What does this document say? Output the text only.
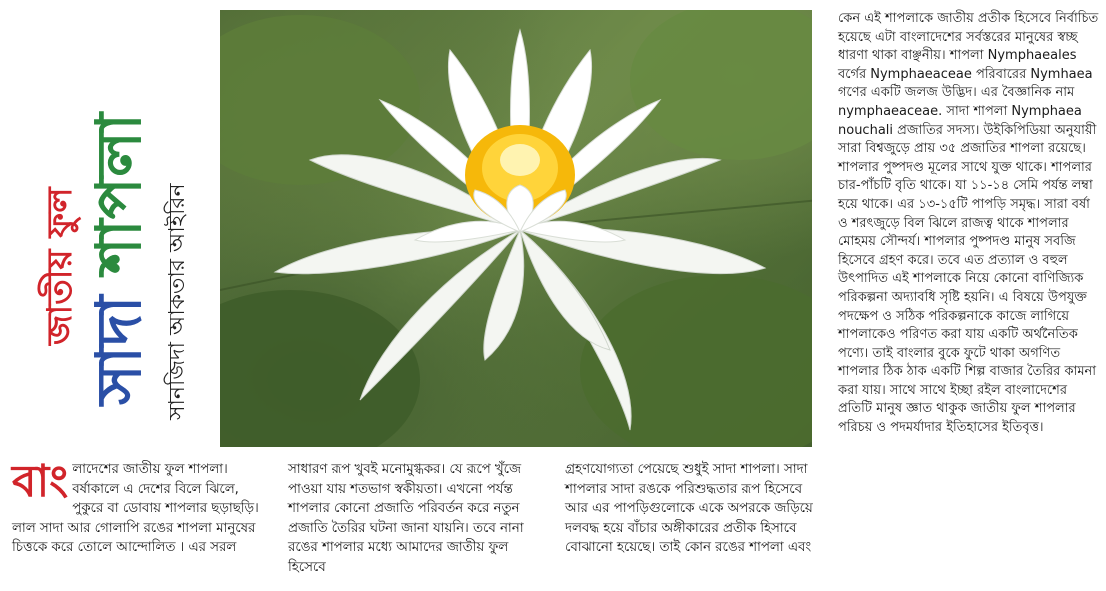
জাতীয় ফুল সাদা শাপলা সানজিদা আকতার আইরিন
বাংলাদেশের জাতীয় ফুল শাপলা। বর্ষাকালে এ দেশের বিলে ঝিলে, পুকুরে বা ডোবায় শাপলার ছড়াছড়ি। লাল সাদা আর গোলাপি রঙের শাপলা মানুষের চিত্তকে করে তোলে আন্দোলিত । এর সরল
সাধারণ রূপ খুবই মনোমুগ্ধকর। যে রূপে খুঁজে পাওয়া যায় শতভাগ স্বকীয়তা। এখনো পর্যন্ত শাপলার কোনো প্রজাতি পরিবর্তন করে নতুন প্রজাতি তৈরির ঘটনা জানা যায়নি। তবে নানা রঙের শাপলার মধ্যে আমাদের জাতীয় ফুল হিসেবে
গ্রহণযোগ্যতা পেয়েছে শুধুই সাদা শাপলা। সাদা শাপলার সাদা রঙকে পরিশুদ্ধতার রূপ হিসেবে আর এর পাপড়িগুলোকে একে অপরকে জড়িয়ে দলবদ্ধ হয়ে বাঁচার অঙ্গীকারের প্রতীক হিসাবে বোঝানো হয়েছে। তাই কোন রঙের শাপলা এবং
কেন এই শাপলাকে জাতীয় প্রতীক হিসেবে নির্বাচিত হয়েছে এটা বাংলাদেশের সর্বস্তরের মানুষের স্বচ্ছ ধারণা থাকা বাঞ্ছনীয়। শাপলা Nymphaeales বর্গের Nymphaeaceae পরিবারের Nymhaea গণের একটি জলজ উদ্ভিদ। এর বৈজ্ঞানিক নাম nymphaeaceae. সাদা শাপলা Nymphaea nouchali প্রজাতির সদস্য। উইকিপিডিয়া অনুযায়ী সারা বিশ্বজুড়ে প্রায় ৩৫ প্রজাতির শাপলা রয়েছে। শাপলার পুষ্পদণ্ড মূলের সাথে যুক্ত থাকে। শাপলার চার-পাঁচটি বৃতি থাকে। যা ১১-১৪ সেমি পর্যন্ত লম্বা হয়ে থাকে। এর ১৩-১৫টি পাপড়ি সমৃদ্ধ। সারা বর্ষা ও শরৎজুড়ে বিল ঝিলে রাজত্ব থাকে শাপলার মোহময় সৌন্দর্য। শাপলার পুষ্পদণ্ড মানুষ সবজি হিসেবে গ্রহণ করে। তবে এত প্রত্যাল ও বহুল উৎপাদিত এই শাপলাকে নিয়ে কোনো বাণিজ্যিক পরিকল্পনা অদ্যাবধি সৃষ্টি হয়নি। এ বিষয়ে উপযুক্ত পদক্ষেপ ও সঠিক পরিকল্পনাকে কাজে লাগিয়ে শাপলাকেও পরিণত করা যায় একটি অর্থনৈতিক পণ্যে। তাই বাংলার বুকে ফুটে থাকা অগণিত শাপলার ঠিক ঠাক একটি শিল্প বাজার তৈরির কামনা করা যায়। সাথে সাথে ইচ্ছা রইল বাংলাদেশের প্রতিটি মানুষ জ্ঞাত থাকুক জাতীয় ফুল শাপলার পরিচয় ও পদমর্যাদার ইতিহাসের ইতিবৃত্ত।
